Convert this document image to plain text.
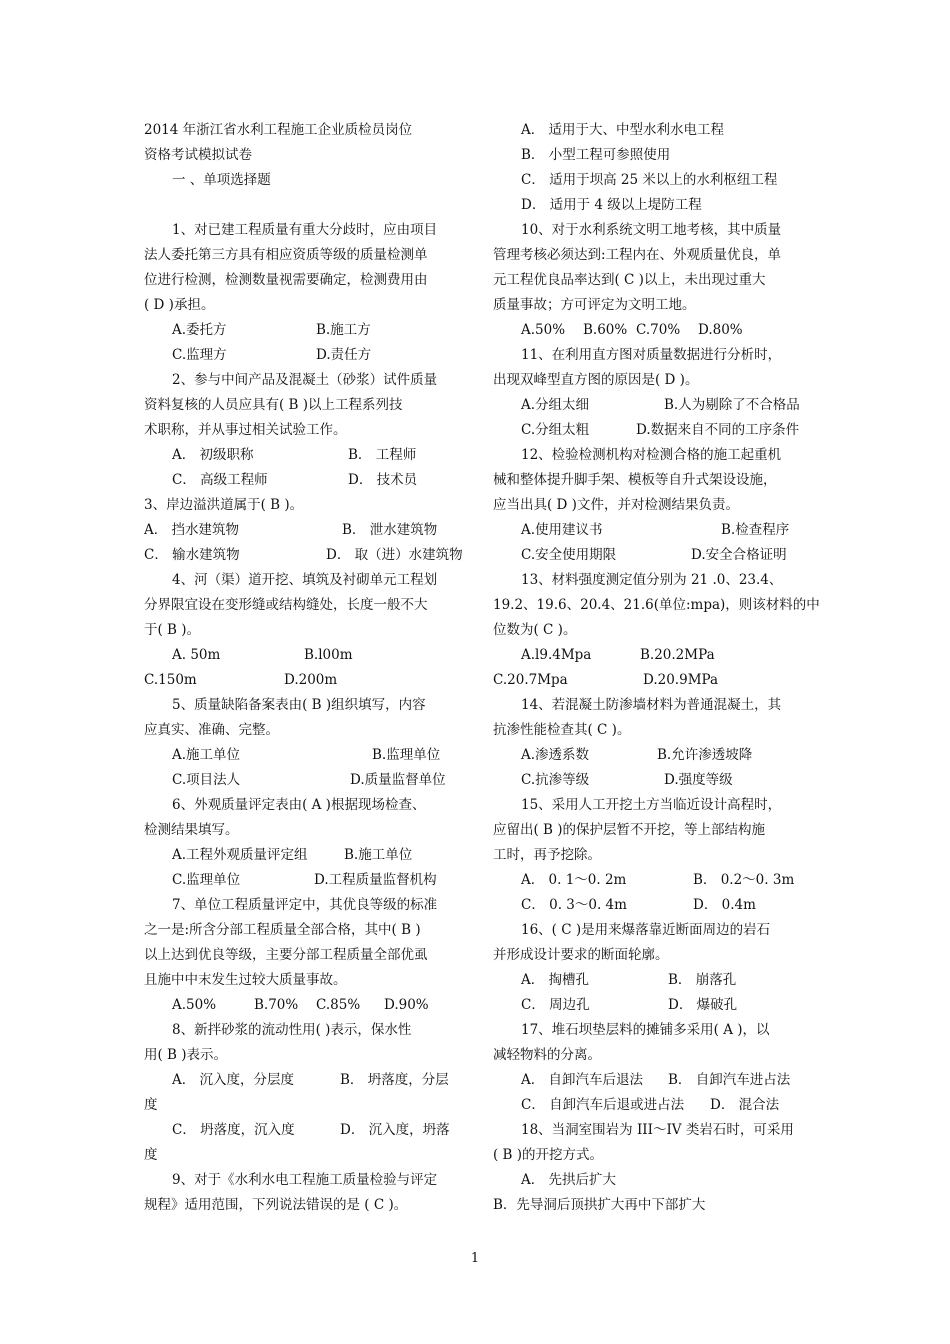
2014 年浙江省水利工程施工企业质检员岗位
资格考试模拟试卷
一 、单项选择题
1、对已建工程质量有重大分歧时，应由项目
法人委托第三方具有相应资质等级的质量检测单
位进行检测，检测数量视需要确定，检测费用由
( D )承担。
A.委托方	B.施工方
C.监理方	D.责任方
2、参与中间产品及混凝土（砂浆）试件质量
资料复核的人员应具有( B )以上工程系列技
术职称，并从事过相关试验工作。
A． 初级职称	B． 工程师
C． 高级工程师	D． 技术员
3、岸边溢洪道属于( B )。
A． 挡水建筑物	B． 泄水建筑物
C． 输水建筑物	D． 取（进）水建筑物
4、河（渠）道开挖、填筑及衬砌单元工程划
分界限宜设在变形缝或结构缝处，长度一般不大
于( B )。
A. 50m	B.l00m
C.150m	D.200m
5、质量缺陷备案表由( B )组织填写，内容
应真实、准确、完整。
A.施工单位	B.监理单位
C.项目法人	D.质量监督单位
6、外观质量评定表由( A )根据现场检查、
检测结果填写。
A.工程外观质量评定组	B.施工单位
C.监理单位	D.工程质量监督机构
7、单位工程质量评定中，其优良等级的标准
之一是:所含分部工程质量全部合格，其中( B )
以上达到优良等级，主要分部工程质量全部优虱
且施中中末发生过较大质量事故。
A.50%	B.70% C.85% D.90%
8、新拌砂浆的流动性用( )表示，保水性
用( B )表示。
A． 沉入度，分层度	B． 坍落度，分层
度
C． 坍落度，沉入度	D． 沉入度，坍落
度
9、对于《水利水电工程施工质量检验与评定
规程》适用范围，下列说法错误的是 ( C )。
A． 适用于大、中型水利水电工程
B． 小型工程可参照使用
C． 适用于坝高 25 米以上的水利枢纽工程
D． 适用于 4 级以上堤防工程
10、对于水利系统文明工地考核，其中质量
管理考核必须达到:工程内在、外观质量优良，单
元工程优良品率达到( C )以上，未出现过重大
质量事故；方可评定为文明工地。
A.50% B.60% C.70% D.80%
11、在利用直方图对质量数据进行分析时，
出现双峰型直方图的原因是( D )。
A.分组太细	B.人为剔除了不合格品
C.分组太粗	D.数据来自不同的工序条件
12、检验检测机构对检测合格的施工起重机
械和整体提升脚手架、模板等自升式架设设施，
应当出具( D )文件，并对检测结果负责。
A.使用建议书	B.检查程序
C.安全使用期限	D.安全合格证明
13、材料强度测定值分别为 21 .0、23.4、
19.2、19.6、20.4、21.6(单位:mpa)，则该材料的中
位数为( C )。
A.l9.4Mpa	B.20.2MPa
C.20.7Mpa	D.20.9MPa
14、若混凝土防渗墙材料为普通混凝土，其
抗渗性能检查其( C )。
A.渗透系数	B.允许渗透坡降
C.抗渗等级	D.强度等级
15、采用人工开挖土方当临近设计高程时，
应留出( B )的保护层暂不开挖，等上部结构施
工时，再予挖除。
A． 0. 1～0. 2m	B． 0.2～0. 3m
C． 0. 3～0. 4m	D． 0.4m
16、( C )是用来爆落靠近断面周边的岩石
并形成设计要求的断面轮廓。
A． 掏槽孔	B． 崩落孔
C． 周边孔	D． 爆破孔
17、堆石坝垫层料的摊铺多采用( A )，以
减轻物料的分离。
A． 自卸汽车后退法 B． 自卸汽车进占法
C． 自卸汽车后退或进占法 D． 混合法
18、当洞室围岩为 III～IV 类岩石时，可采用
( B )的开挖方式。
A． 先拱后扩大
B．先导洞后顶拱扩大再中下部扩大
1
